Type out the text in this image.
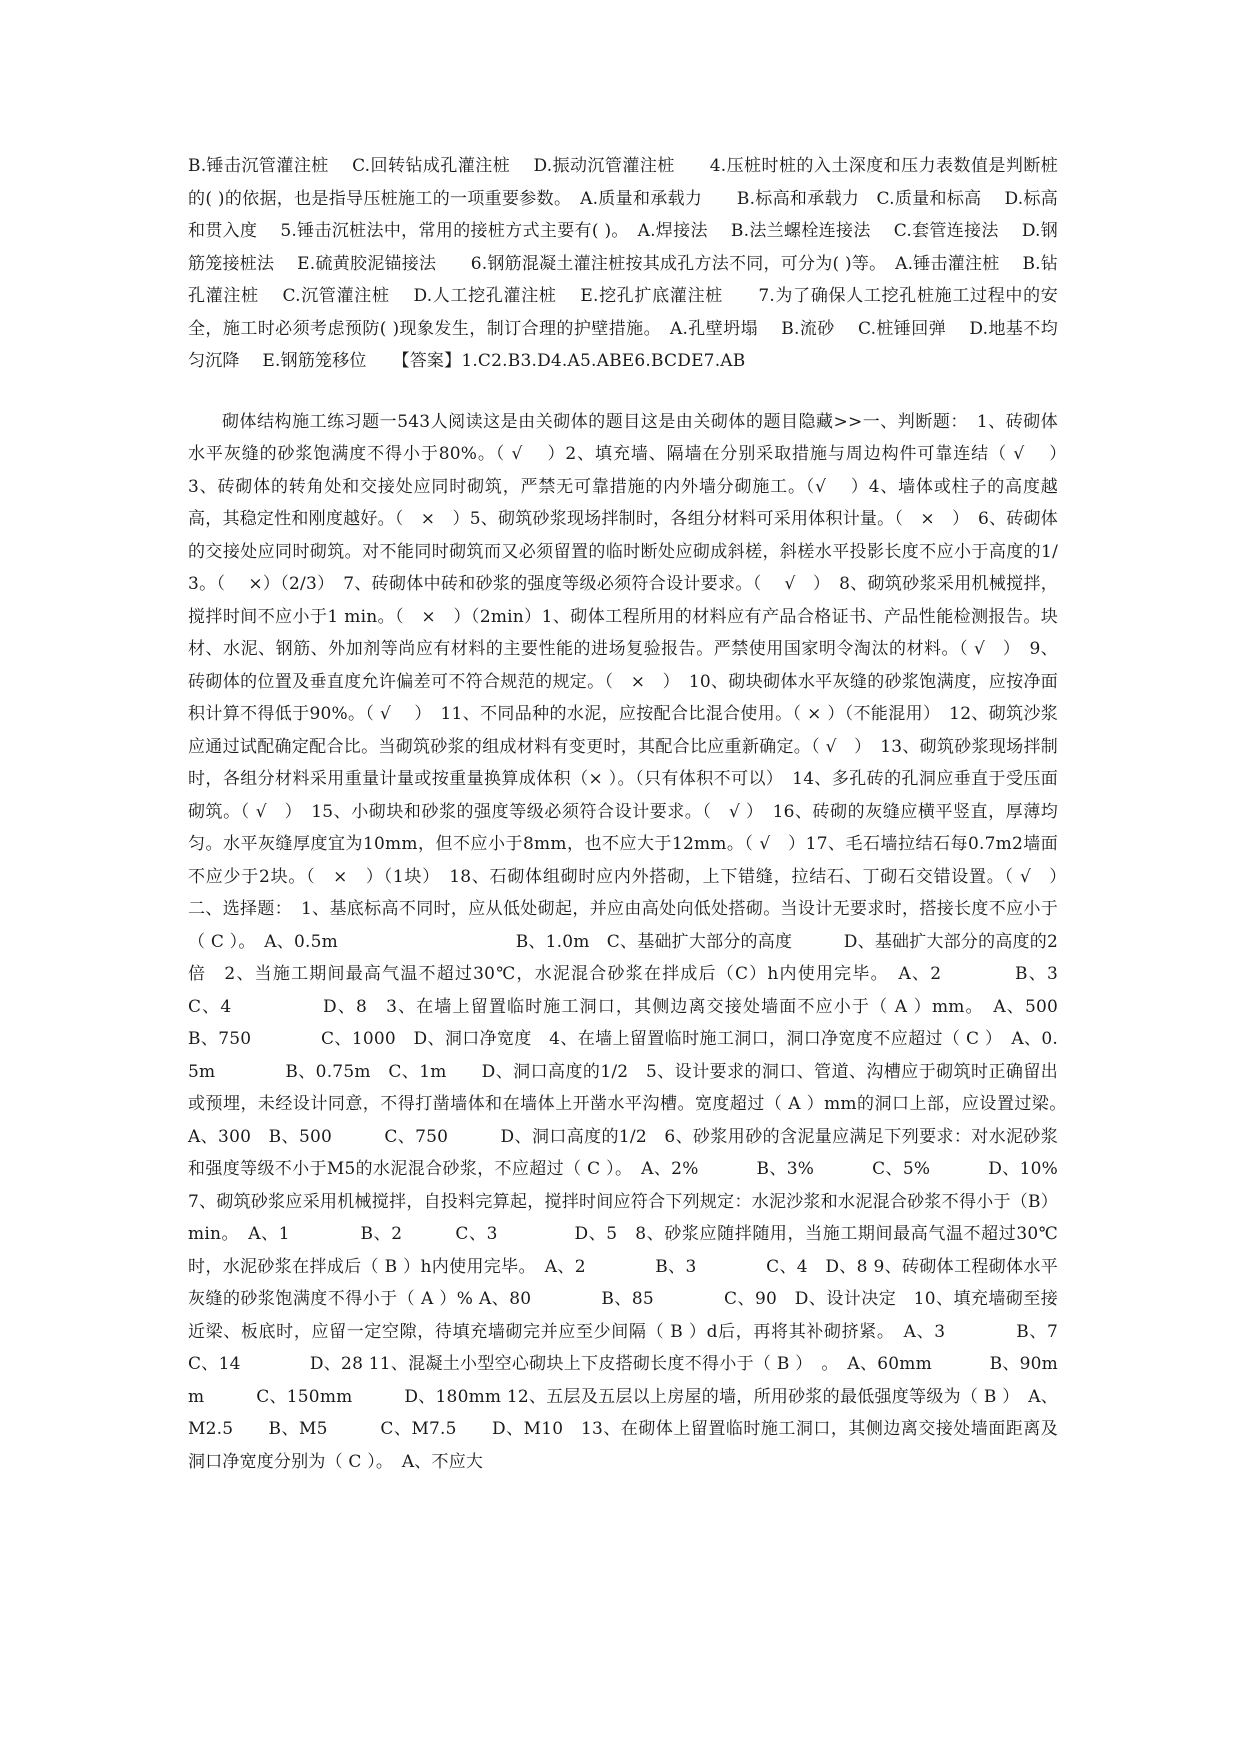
B.锤击沉管灌注桩　 C.回转钻成孔灌注桩　 D.振动沉管灌注桩　　4.压桩时桩的入土深度和压力表数值是判断桩的( )的依据，也是指导压桩施工的一项重要参数。　A.质量和承载力　　B.标高和承载力　C.质量和标高　 D.标高和贯入度　 5.锤击沉桩法中，常用的接桩方式主要有( )。　A.焊接法　 B.法兰螺栓连接法　 C.套管连接法　 D.钢筋笼接桩法　 E.硫黄胶泥锚接法　　6.钢筋混凝土灌注桩按其成孔方法不同，可分为( )等。　A.锤击灌注桩　 B.钻孔灌注桩　 C.沉管灌注桩　 D.人工挖孔灌注桩　 E.挖孔扩底灌注桩　　7.为了确保人工挖孔桩施工过程中的安全，施工时必须考虑预防( )现象发生，制订合理的护壁措施。　A.孔壁坍塌　 B.流砂　 C.桩锤回弹　 D.地基不均匀沉降　 E.钢筋笼移位　　【答案】1.C2.B3.D4.A5.ABE6.BCDE7.AB

砌体结构施工练习题一543人阅读这是由关砌体的题目这是由关砌体的题目隐藏>>一、判断题：　1、砖砌体水平灰缝的砂浆饱满度不得小于80%。（ √　 ）2、填充墙、隔墙在分别采取措施与周边构件可靠连结（ √　 ）　3、砖砌体的转角处和交接处应同时砌筑，严禁无可靠措施的内外墙分砌施工。（√　 ）4、墙体或柱子的高度越高，其稳定性和刚度越好。（　×　）5、砌筑砂浆现场拌制时，各组分材料可采用体积计量。（　×　）　6、砖砌体的交接处应同时砌筑。对不能同时砌筑而又必须留置的临时断处应砌成斜槎，斜槎水平投影长度不应小于高度的1/3。（　 ×）（2/3）　7、砖砌体中砖和砂浆的强度等级必须符合设计要求。（　 √　）　8、砌筑砂浆采用机械搅拌，搅拌时间不应小于1 min。（　×　）（2min）1、砌体工程所用的材料应有产品合格证书、产品性能检测报告。块材、水泥、钢筋、外加剂等尚应有材料的主要性能的进场复验报告。严禁使用国家明令淘汰的材料。（ √　）　9、砖砌体的位置及垂直度允许偏差可不符合规范的规定。（　×　）　10、砌块砌体水平灰缝的砂浆饱满度，应按净面积计算不得低于90%。（ √　 ）　11、不同品种的水泥，应按配合比混合使用。（ × ）（不能混用）　12、砌筑沙浆应通过试配确定配合比。当砌筑砂浆的组成材料有变更时，其配合比应重新确定。（ √　）　13、砌筑砂浆现场拌制时，各组分材料采用重量计量或按重量换算成体积（× ）。（只有体积不可以）　14、多孔砖的孔洞应垂直于受压面砌筑。（ √　）　15、小砌块和砂浆的强度等级必须符合设计要求。（　√ ）　16、砖砌的灰缝应横平竖直，厚薄均匀。水平灰缝厚度宜为10mm，但不应小于8mm，也不应大于12mm。（ √　）17、毛石墙拉结石每0.7m2墙面不应少于2块。（　×　）（1块）　18、石砌体组砌时应内外搭砌，上下错缝，拉结石、丁砌石交错设置。（ √　）　二、选择题：　1、基底标高不同时，应从低处砌起，并应由高处向低处搭砌。当设计无要求时，搭接长度不应小于（ C ）。　A、0.5m　　　　　　　　　　 B、1.0m　C、基础扩大部分的高度　　　D、基础扩大部分的高度的2倍　2、当施工期间最高气温不超过30℃，水泥混合砂浆在拌成后（C）h内使用完毕。　A、2　　　　B、3　　　　C、4　　　　　D、8　3、在墙上留置临时施工洞口，其侧边离交接处墙面不应小于（ A ）mm。　A、500　　　　B、750　　　　C、1000　D、洞口净宽度　4、在墙上留置临时施工洞口，洞口净宽度不应超过（ C ）　A、0.5m　　　　B、0.75m　C、1m　　D、洞口高度的1/2　5、设计要求的洞口、管道、沟槽应于砌筑时正确留出或预埋，未经设计同意，不得打凿墙体和在墙体上开凿水平沟槽。宽度超过（ A ）mm的洞口上部，应设置过梁。　A、300　B、500　　　C、750　　　D、洞口高度的1/2　6、砂浆用砂的含泥量应满足下列要求：对水泥砂浆和强度等级不小于M5的水泥混合砂浆，不应超过（ C ）。　A、2%　　　 B、3%　　　 C、5%　　　 D、10%　7、砌筑砂浆应采用机械搅拌，自投料完算起，搅拌时间应符合下列规定：水泥沙浆和水泥混合砂浆不得小于（B）min。　A、1　　　　B、2　　　C、3　　　　 D、5　8、砂浆应随拌随用，当施工期间最高气温不超过30℃时，水泥砂浆在拌成后（ B ）h内使用完毕。　A、2　　　　B、3　　　　C、4　D、8 9、砖砌体工程砌体水平灰缝的砂浆饱满度不得小于（ A ）% A、80　　　　B、85　　　　C、90　D、设计决定　10、填充墙砌至接近梁、板底时，应留一定空隙，待填充墙砌完并应至少间隔（ B ）d后，再将其补砌挤紧。　A、3　　　　B、7　　　　C、14　　　　D、28 11、混凝土小型空心砌块上下皮搭砌长度不得小于（ B ）　。　A、60mm　　　 B、90mm　　　C、150mm　　　D、180mm 12、五层及五层以上房屋的墙，所用砂浆的最低强度等级为（ B ）　A、M2.5　　B、M5　　　C、M7.5　　D、M10　13、在砌体上留置临时施工洞口，其侧边离交接处墙面距离及洞口净宽度分别为（ C ）。　A、不应大
